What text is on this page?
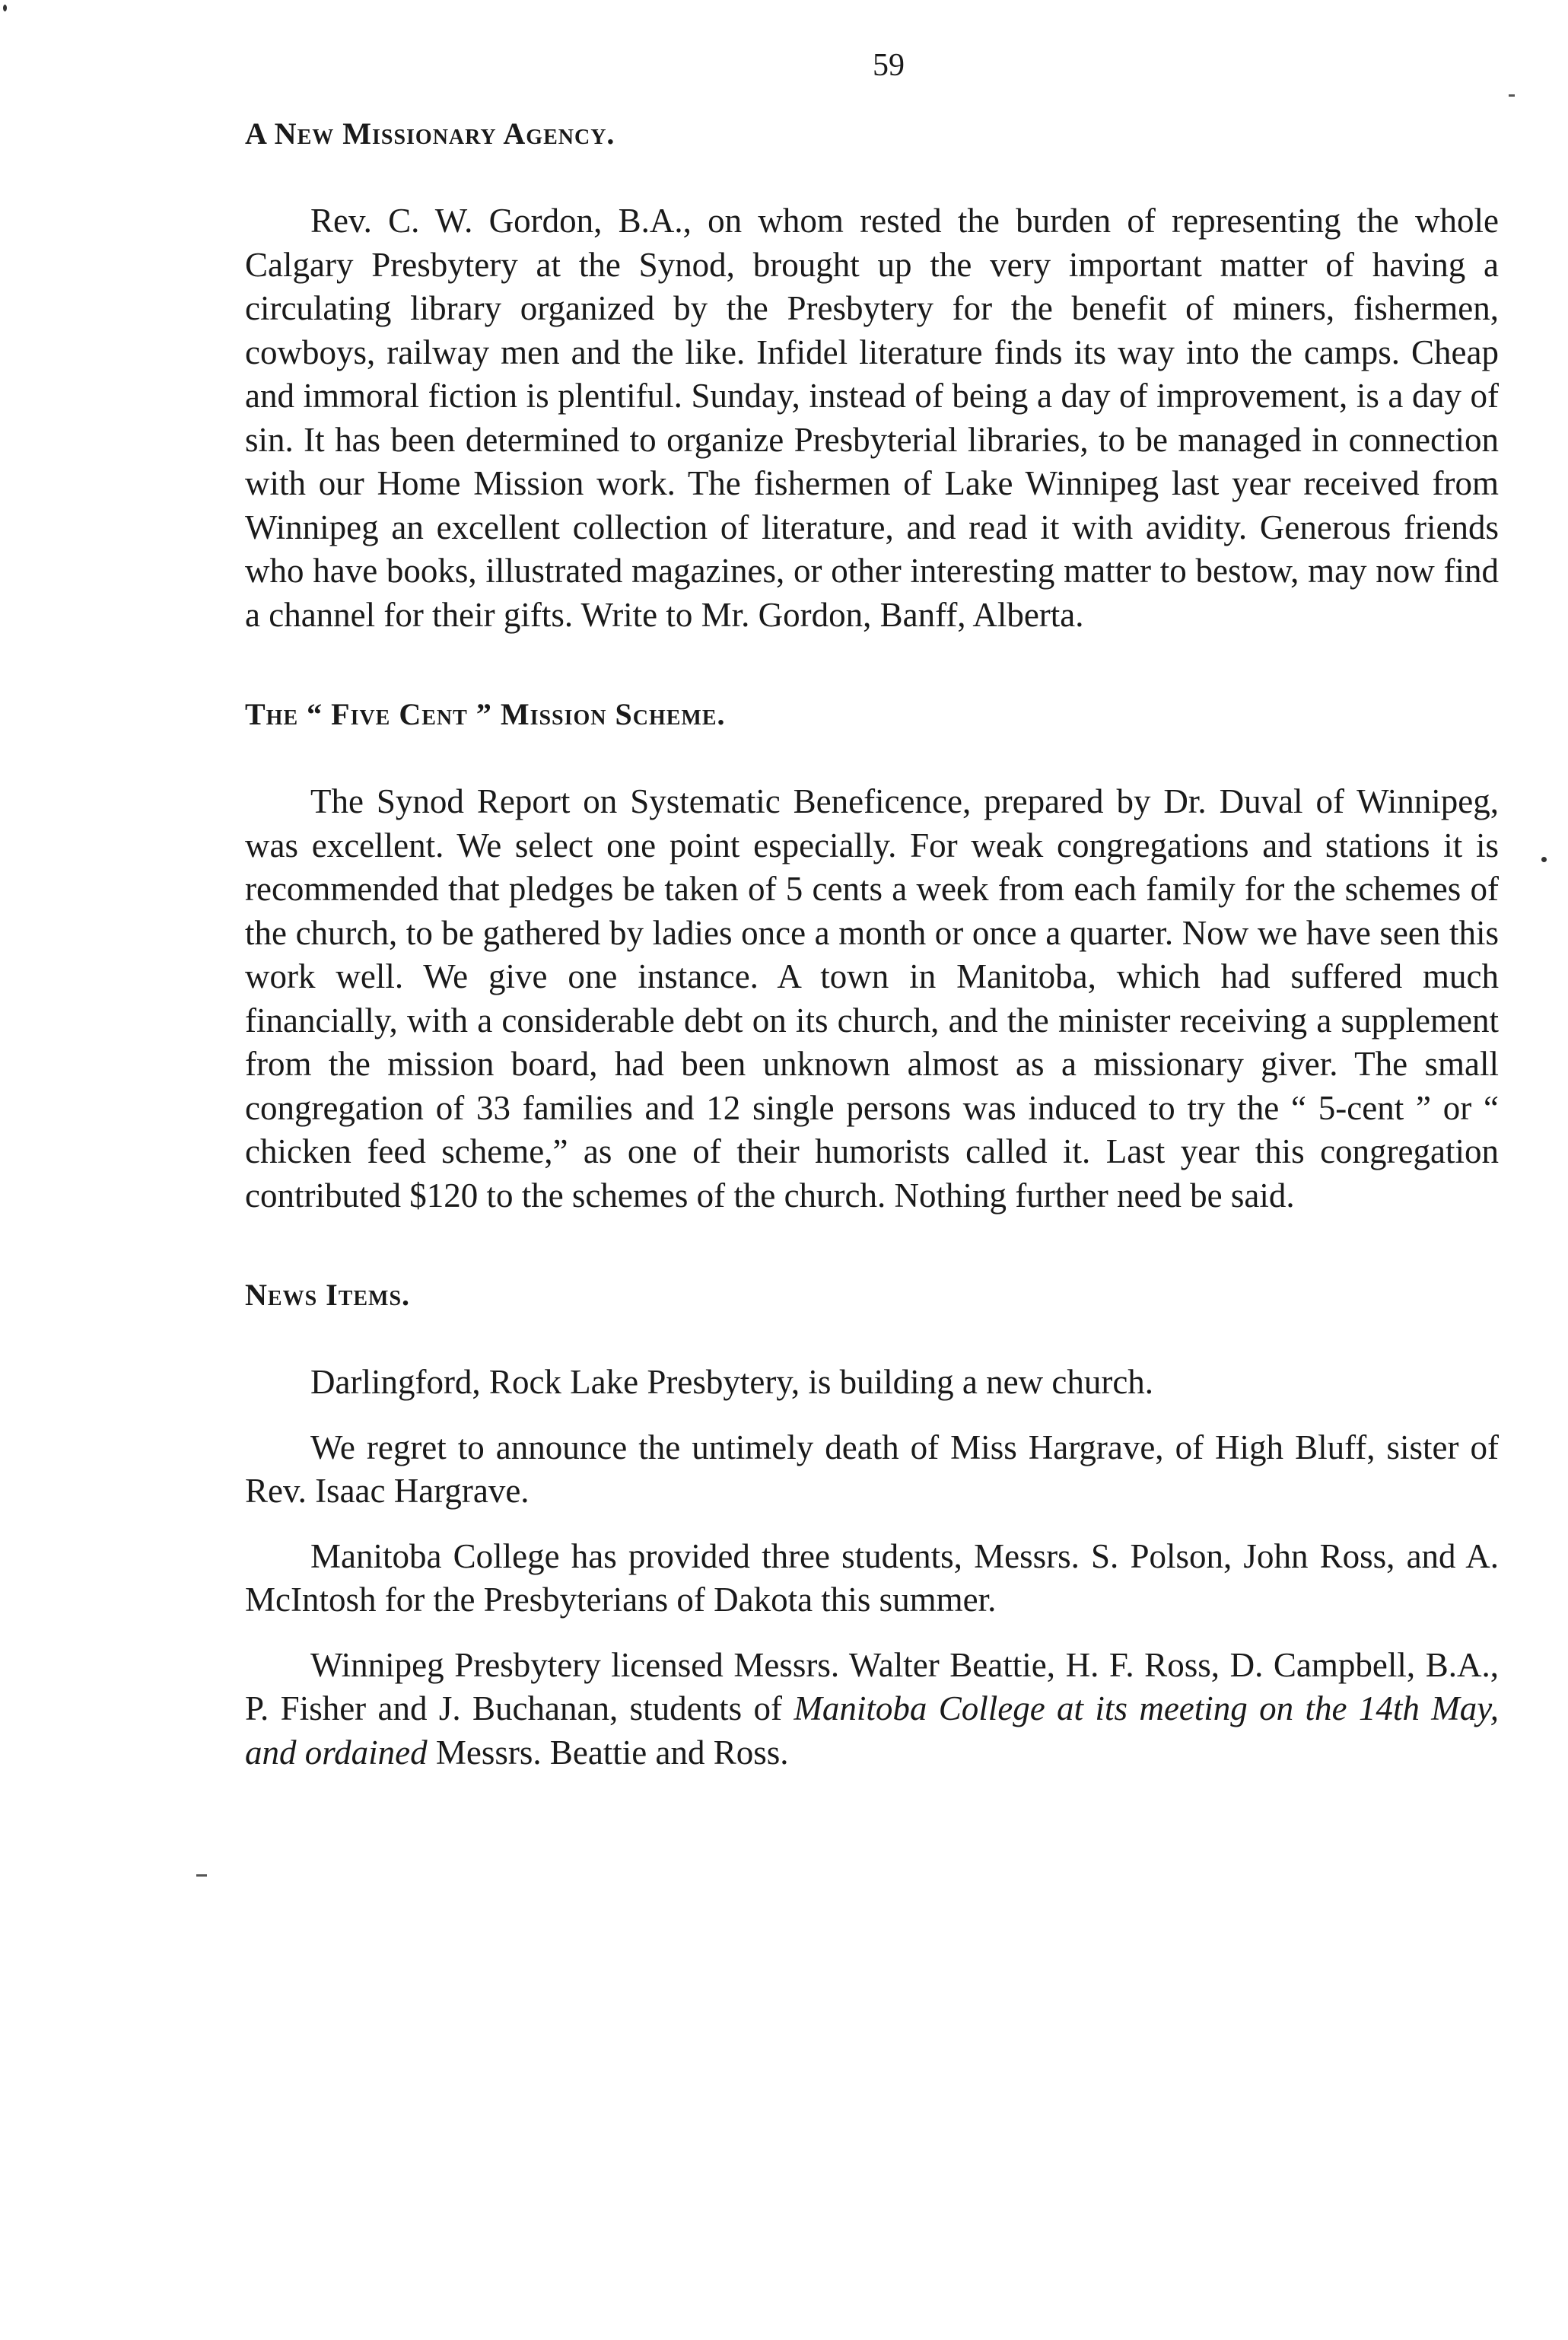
59
A New Missionary Agency.

Rev. C. W. Gordon, B.A., on whom rested the burden of representing the whole Calgary Presbytery at the Synod, brought up the very important matter of having a circulating library organized by the Presbytery for the benefit of miners, fishermen, cowboys, railway men and the like. Infidel literature finds its way into the camps. Cheap and immoral fiction is plentiful. Sunday, instead of being a day of improvement, is a day of sin. It has been determined to organize Presbyterial libraries, to be managed in connection with our Home Mission work. The fishermen of Lake Winnipeg last year received from Winnipeg an excellent collection of literature, and read it with avidity. Generous friends who have books, illustrated magazines, or other interesting matter to bestow, may now find a channel for their gifts. Write to Mr. Gordon, Banff, Alberta.

The “ Five Cent ” Mission Scheme.

The Synod Report on Systematic Beneficence, prepared by Dr. Duval of Winnipeg, was excellent. We select one point especially. For weak congregations and stations it is recommended that pledges be taken of 5 cents a week from each family for the schemes of the church, to be gathered by ladies once a month or once a quarter. Now we have seen this work well. We give one instance. A town in Manitoba, which had suffered much financially, with a considerable debt on its church, and the minister receiving a supplement from the mission board, had been unknown almost as a missionary giver. The small congregation of 33 families and 12 single persons was induced to try the “ 5-cent ” or “ chicken feed scheme,” as one of their humorists called it. Last year this congregation contributed $120 to the schemes of the church. Nothing further need be said.

News Items.

Darlingford, Rock Lake Presbytery, is building a new church.

We regret to announce the untimely death of Miss Hargrave, of High Bluff, sister of Rev. Isaac Hargrave.

Manitoba College has provided three students, Messrs. S. Polson, John Ross, and A. McIntosh for the Presbyterians of Dakota this summer.

Winnipeg Presbytery licensed Messrs. Walter Beattie, H. F. Ross, D. Campbell, B.A., P. Fisher and J. Buchanan, students of Manitoba College at its meeting on the 14th May, and ordained Messrs. Beattie and Ross.
